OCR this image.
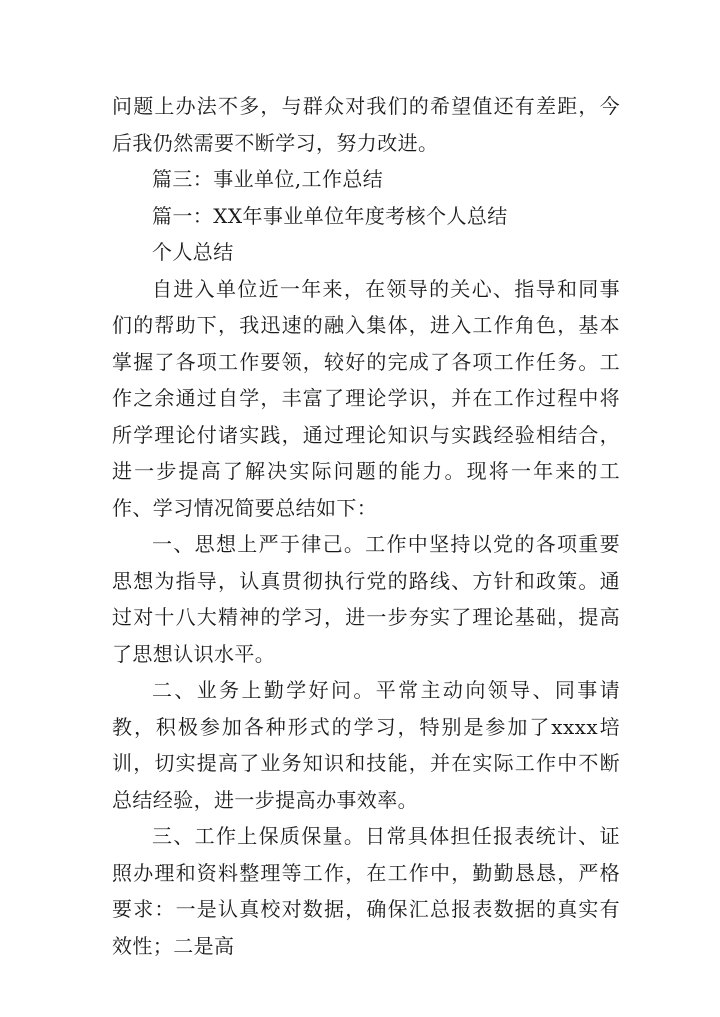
问题上办法不多，与群众对我们的希望值还有差距，今后我仍然需要不断学习，努力改进。

篇三：事业单位,工作总结

篇一：XX年事业单位年度考核个人总结

个人总结

自进入单位近一年来，在领导的关心、指导和同事们的帮助下，我迅速的融入集体，进入工作角色，基本掌握了各项工作要领，较好的完成了各项工作任务。工作之余通过自学，丰富了理论学识，并在工作过程中将所学理论付诸实践，通过理论知识与实践经验相结合，进一步提高了解决实际问题的能力。现将一年来的工作、学习情况简要总结如下：

一、思想上严于律己。工作中坚持以党的各项重要思想为指导，认真贯彻执行党的路线、方针和政策。通过对十八大精神的学习，进一步夯实了理论基础，提高了思想认识水平。

二、业务上勤学好问。平常主动向领导、同事请教，积极参加各种形式的学习，特别是参加了xxxx培训，切实提高了业务知识和技能，并在实际工作中不断总结经验，进一步提高办事效率。

三、工作上保质保量。日常具体担任报表统计、证照办理和资料整理等工作，在工作中，勤勤恳恳，严格要求：一是认真校对数据，确保汇总报表数据的真实有效性；二是高
